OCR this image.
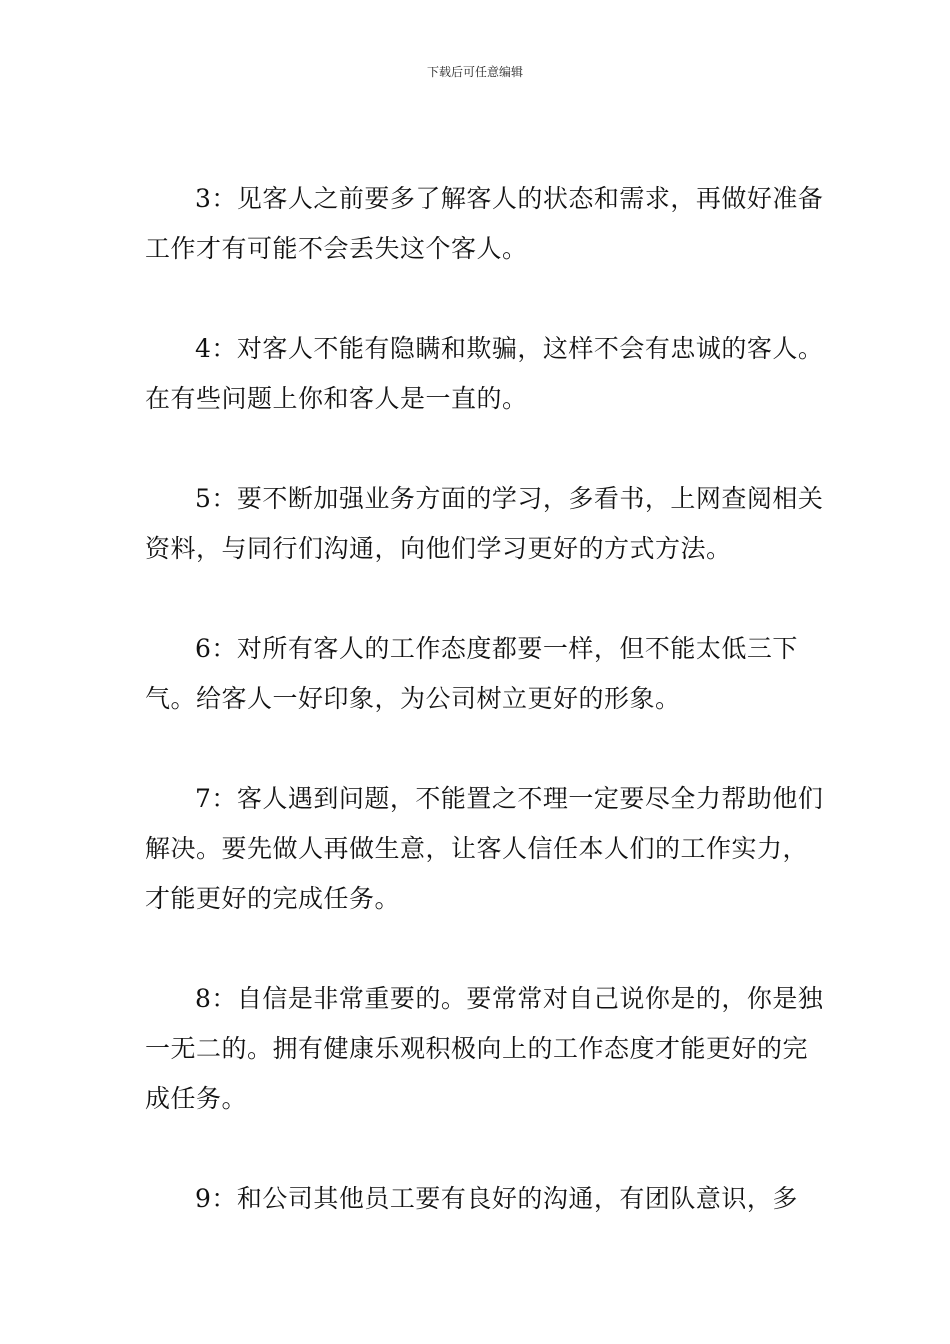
下载后可任意编辑

3：见客人之前要多了解客人的状态和需求，再做好准备工作才有可能不会丢失这个客人。

4：对客人不能有隐瞒和欺骗，这样不会有忠诚的客人。在有些问题上你和客人是一直的。

5：要不断加强业务方面的学习，多看书，上网查阅相关资料，与同行们沟通，向他们学习更好的方式方法。

6：对所有客人的工作态度都要一样，但不能太低三下气。给客人一好印象，为公司树立更好的形象。

7：客人遇到问题，不能置之不理一定要尽全力帮助他们解决。要先做人再做生意，让客人信任本人们的工作实力，才能更好的完成任务。

8：自信是非常重要的。要常常对自己说你是的，你是独一无二的。拥有健康乐观积极向上的工作态度才能更好的完成任务。

9：和公司其他员工要有良好的沟通，有团队意识，多
